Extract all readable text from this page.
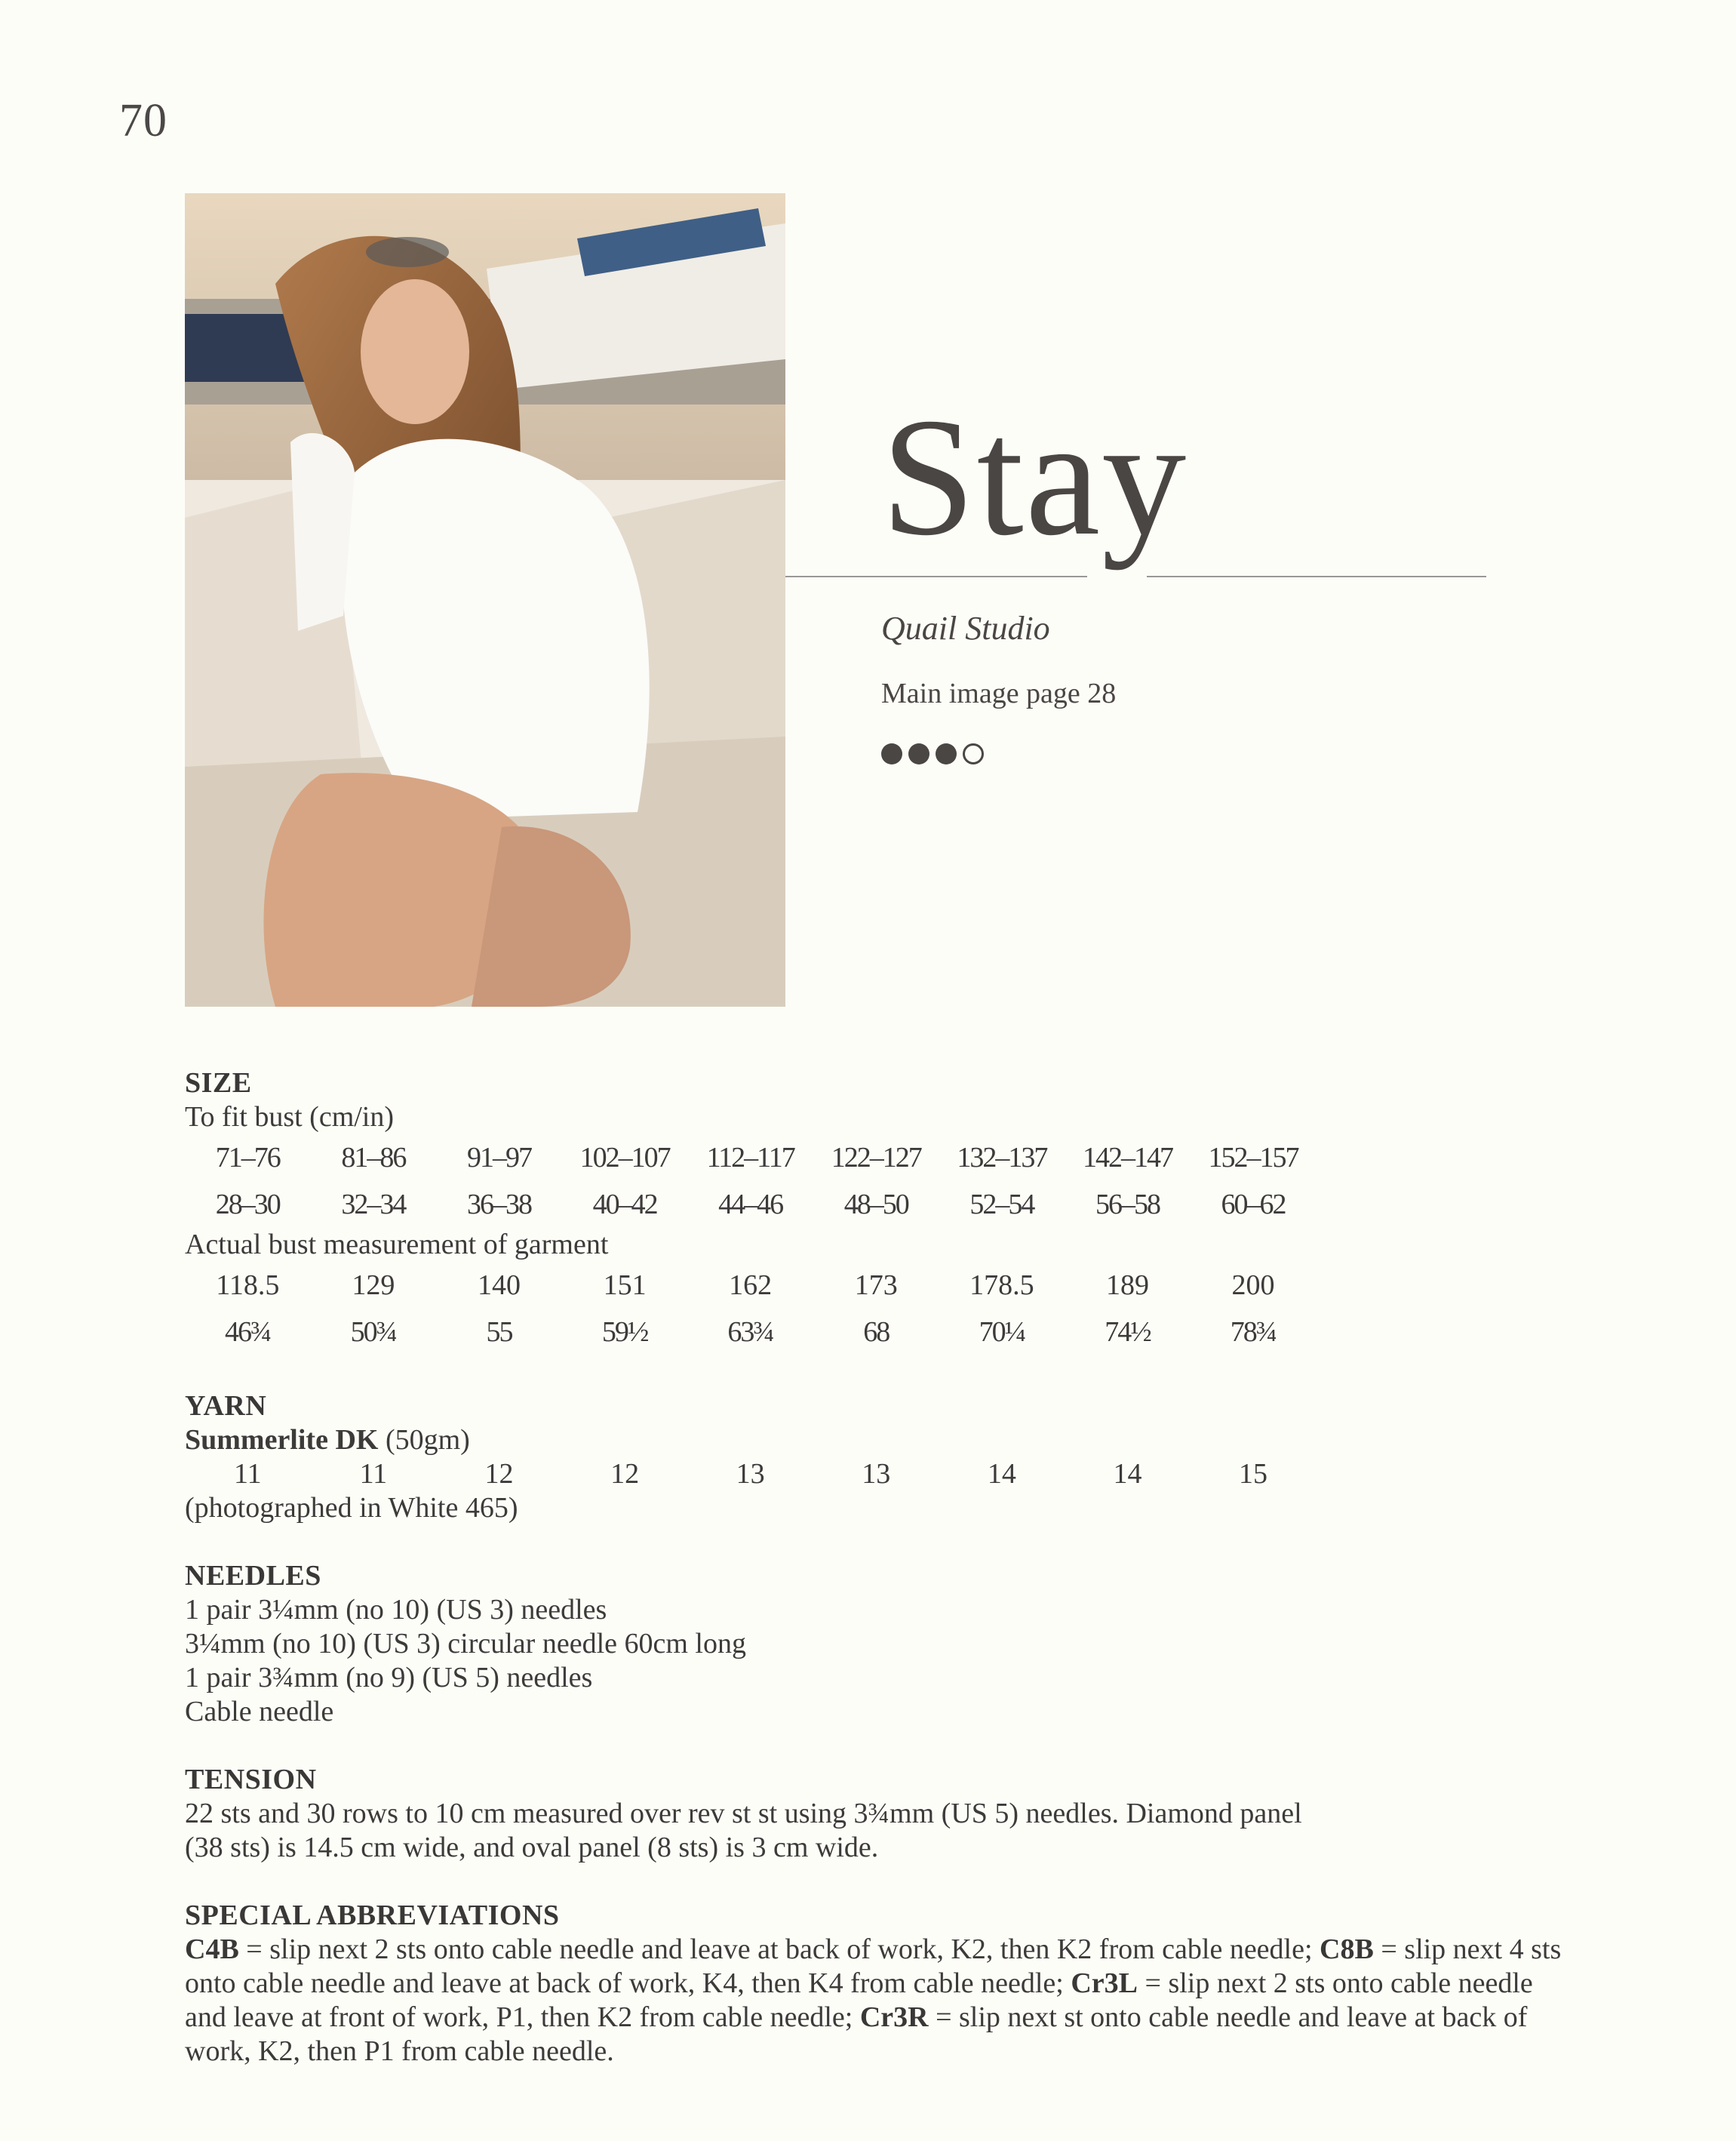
70
Stay
Quail Studio
Main image page 28
SIZE
To fit bust (cm/in)
71–76	81–86	91–97	102–107	112–117	122–127	132–137	142–147	152–157
28–30	32–34	36–38	40–42	44–46	48–50	52–54	56–58	60–62
Actual bust measurement of garment
118.5	129	140	151	162	173	178.5	189	200
46¾	50¾	55	59½	63¾	68	70¼	74½	78¾
YARN
Summerlite DK (50gm)
11	11	12	12	13	13	14	14	15
(photographed in White 465)
NEEDLES
1 pair 3¼mm (no 10) (US 3) needles
3¼mm (no 10) (US 3) circular needle 60cm long
1 pair 3¾mm (no 9) (US 5) needles
Cable needle
TENSION
22 sts and 30 rows to 10 cm measured over rev st st using 3¾mm (US 5) needles. Diamond panel
(38 sts) is 14.5 cm wide, and oval panel (8 sts) is 3 cm wide.
SPECIAL ABBREVIATIONS
C4B = slip next 2 sts onto cable needle and leave at back of work, K2, then K2 from cable needle; C8B = slip next 4 sts onto cable needle and leave at back of work, K4, then K4 from cable needle; Cr3L = slip next 2 sts onto cable needle and leave at front of work, P1, then K2 from cable needle; Cr3R = slip next st onto cable needle and leave at back of work, K2, then P1 from cable needle.
